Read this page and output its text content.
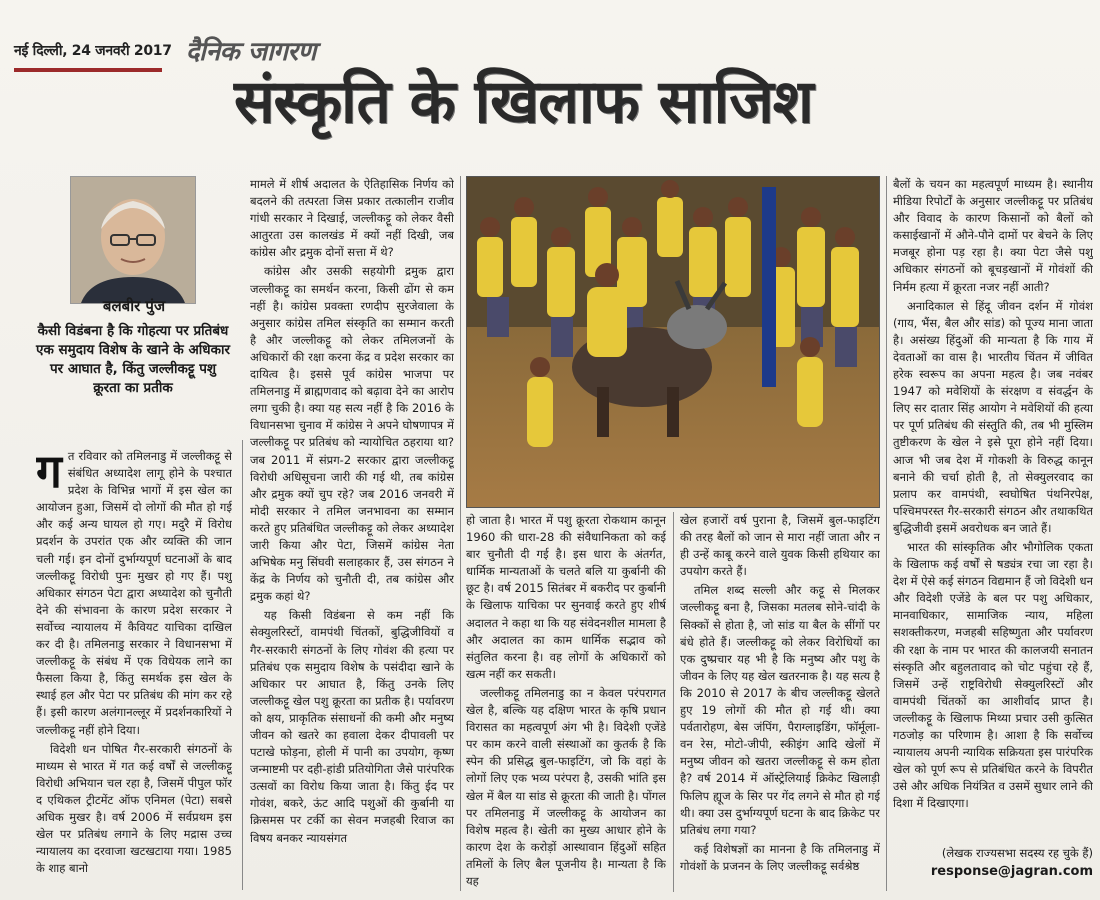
नई दिल्ली, 24 जनवरी 2017 दैनिक जागरण
संस्कृति के खिलाफ साजिश
बलबीर पुंज
कैसी विडंबना है कि गोहत्या पर प्रतिबंध एक समुदाय विशेष के खाने के अधिकार पर आघात है, किंतु जल्लीकट्टू पशु क्रूरता का प्रतीक
ग त रविवार को तमिलनाडु में जल्लीकट्टू से संबंधित अध्यादेश लागू होने के पश्चात प्रदेश के विभिन्न भागों में इस खेल का आयोजन हुआ, जिसमें दो लोगों की मौत हो गई और कई अन्य घायल हो गए। मदुरै में विरोध प्रदर्शन के उपरांत एक और व्यक्ति की जान चली गई। इन दोनों दुर्भाग्यपूर्ण घटनाओं के बाद जल्लीकट्टू विरोधी पुनः मुखर हो गए हैं। पशु अधिकार संगठन पेटा द्वारा अध्यादेश को चुनौती देने की संभावना के कारण प्रदेश सरकार ने सर्वोच्च न्यायालय में कैवियट याचिका दाखिल कर दी है। तमिलनाडु सरकार ने विधानसभा में जल्लीकट्टू के संबंध में एक विधेयक लाने का फैसला किया है, किंतु समर्थक इस खेल के स्थाई हल और पेटा पर प्रतिबंध की मांग कर रहे हैं। इसी कारण अलंगानल्लूर में प्रदर्शनकारियों ने जल्लीकट्टू नहीं होने दिया।

विदेशी धन पोषित गैर-सरकारी संगठनों के माध्यम से भारत में गत कई वर्षों से जल्लीकट्टू विरोधी अभियान चल रहा है, जिसमें पीपुल फॉर द एथिकल ट्रीटमेंट ऑफ एनिमल (पेटा) सबसे अधिक मुखर है। वर्ष 2006 में सर्वप्रथम इस खेल पर प्रतिबंध लगाने के लिए मद्रास उच्च न्यायालय का दरवाजा खटखटाया गया। 1985 के शाह बानो

मामले में शीर्ष अदालत के ऐतिहासिक निर्णय को बदलने की तत्परता जिस प्रकार तत्कालीन राजीव गांधी सरकार ने दिखाई, जल्लीकट्टू को लेकर वैसी आतुरता उस कालखंड में क्यों नहीं दिखी, जब कांग्रेस और द्रमुक दोनों सत्ता में थे?

कांग्रेस और उसकी सहयोगी द्रमुक द्वारा जल्लीकट्टू का समर्थन करना, किसी ढोंग से कम नहीं है। कांग्रेस प्रवक्ता रणदीप सुरजेवाला के अनुसार कांग्रेस तमिल संस्कृति का सम्मान करती है और जल्लीकट्टू को लेकर तमिलजनों के अधिकारों की रक्षा करना केंद्र व प्रदेश सरकार का दायित्व है। इससे पूर्व कांग्रेस भाजपा पर तमिलनाडु में ब्राह्मणवाद को बढ़ावा देने का आरोप लगा चुकी है। क्या यह सत्य नहीं है कि 2016 के विधानसभा चुनाव में कांग्रेस ने अपने घोषणापत्र में जल्लीकट्टू पर प्रतिबंध को न्यायोचित ठहराया था? जब 2011 में संप्रग-2 सरकार द्वारा जल्लीकट्टू विरोधी अधिसूचना जारी की गई थी, तब कांग्रेस और द्रमुक क्यों चुप रहे? जब 2016 जनवरी में मोदी सरकार ने तमिल जनभावना का सम्मान करते हुए प्रतिबंधित जल्लीकट्टू को लेकर अध्यादेश जारी किया और पेटा, जिसमें कांग्रेस नेता अभिषेक मनु सिंघवी सलाहकार हैं, उस संगठन ने केंद्र के निर्णय को चुनौती दी, तब कांग्रेस और द्रमुक कहां थे?

यह किसी विडंबना से कम नहीं कि सेक्युलरिस्टों, वामपंथी चिंतकों, बुद्धिजीवियों व गैर-सरकारी संगठनों के लिए गोवंश की हत्या पर प्रतिबंध एक समुदाय विशेष के पसंदीदा खाने के अधिकार पर आघात है, किंतु उनके लिए जल्लीकट्टू खेल पशु क्रूरता का प्रतीक है। पर्यावरण को क्षय, प्राकृतिक संसाधनों की कमी और मनुष्य जीवन को खतरे का हवाला देकर दीपावली पर पटाखे फोड़ना, होली में पानी का उपयोग, कृष्ण जन्माष्टमी पर दही-हांडी प्रतियोगिता जैसे पारंपरिक उत्सवों का विरोध किया जाता है। किंतु ईद पर गोवंश, बकरे, ऊंट आदि पशुओं की कुर्बानी या क्रिसमस पर टर्की का सेवन मजहबी रिवाज का विषय बनकर न्यायसंगत

हो जाता है। भारत में पशु क्रूरता रोकथाम कानून 1960 की धारा-28 की संवैधानिकता को कई बार चुनौती दी गई है। इस धारा के अंतर्गत, धार्मिक मान्यताओं के चलते बलि या कुर्बानी की छूट है। वर्ष 2015 सितंबर में बकरीद पर कुर्बानी के खिलाफ याचिका पर सुनवाई करते हुए शीर्ष अदालत ने कहा था कि यह संवेदनशील मामला है और अदालत का काम धार्मिक सद्भाव को संतुलित करना है। वह लोगों के अधिकारों को खत्म नहीं कर सकती।

जल्लीकट्टू तमिलनाडु का न केवल परंपरागत खेल है, बल्कि यह दक्षिण भारत के कृषि प्रधान विरासत का महत्वपूर्ण अंग भी है। विदेशी एजेंडे पर काम करने वाली संस्थाओं का कुतर्क है कि स्पेन की प्रसिद्ध बुल-फाइटिंग, जो कि वहां के लोगों लिए एक भव्य परंपरा है, उसकी भांति इस खेल में बैल या सांड से क्रूरता की जाती है। पोंगल पर तमिलनाडु में जल्लीकट्टू के आयोजन का विशेष महत्व है। खेती का मुख्य आधार होने के कारण देश के करोड़ों आस्थावान हिंदुओं सहित तमिलों के लिए बैल पूजनीय है। मान्यता है कि यह

खेल हजारों वर्ष पुराना है, जिसमें बुल-फाइटिंग की तरह बैलों को जान से मारा नहीं जाता और न ही उन्हें काबू करने वाले युवक किसी हथियार का उपयोग करते हैं।

तमिल शब्द सल्ली और कट्टू से मिलकर जल्लीकट्टू बना है, जिसका मतलब सोने-चांदी के सिक्कों से होता है, जो सांड या बैल के सींगों पर बंधे होते हैं। जल्लीकट्टू को लेकर विरोधियों का एक दुष्प्रचार यह भी है कि मनुष्य और पशु के जीवन के लिए यह खेल खतरनाक है। यह सत्य है कि 2010 से 2017 के बीच जल्लीकट्टू खेलते हुए 19 लोगों की मौत हो गई थी। क्या पर्वतारोहण, बेस जंपिंग, पैराग्लाइडिंग, फॉर्मूला-वन रेस, मोटो-जीपी, स्कीइंग आदि खेलों में मनुष्य जीवन को खतरा जल्लीकट्टू से कम होता है? वर्ष 2014 में ऑस्ट्रेलियाई क्रिकेट खिलाड़ी फिलिप ह्यूज के सिर पर गेंद लगने से मौत हो गई थी। क्या उस दुर्भाग्यपूर्ण घटना के बाद क्रिकेट पर प्रतिबंध लगा गया?

कई विशेषज्ञों का मानना है कि तमिलनाडु में गोवंशों के प्रजनन के लिए जल्लीकट्टू सर्वश्रेष्ठ

बैलों के चयन का महत्वपूर्ण माध्यम है। स्थानीय मीडिया रिपोर्टों के अनुसार जल्लीकट्टू पर प्रतिबंध और विवाद के कारण किसानों को बैलों को कसाईखानों में औने-पौने दामों पर बेचने के लिए मजबूर होना पड़ रहा है। क्या पेटा जैसे पशु अधिकार संगठनों को बूचड़खानों में गोवंशों की निर्मम हत्या में क्रूरता नजर नहीं आती?

अनादिकाल से हिंदू जीवन दर्शन में गोवंश (गाय, भैंस, बैल और सांड) को पूज्य माना जाता है। असंख्य हिंदुओं की मान्यता है कि गाय में देवताओं का वास है। भारतीय चिंतन में जीवित हरेक स्वरूप का अपना महत्व है। जब नवंबर 1947 को मवेशियों के संरक्षण व संवर्द्धन के लिए सर दातार सिंह आयोग ने मवेशियों की हत्या पर पूर्ण प्रतिबंध की संस्तुति की, तब भी मुस्लिम तुष्टीकरण के खेल ने इसे पूरा होने नहीं दिया। आज भी जब देश में गोकशी के विरुद्ध कानून बनाने की चर्चा होती है, तो सेक्युलरवाद का प्रलाप कर वामपंथी, स्वघोषित पंथनिरपेक्ष, पश्चिमपरस्त गैर-सरकारी संगठन और तथाकथित बुद्धिजीवी इसमें अवरोधक बन जाते हैं।

भारत की सांस्कृतिक और भौगोलिक एकता के खिलाफ कई वर्षों से षड्यंत्र रचा जा रहा है। देश में ऐसे कई संगठन विद्यमान हैं जो विदेशी धन और विदेशी एजेंडे के बल पर पशु अधिकार, मानवाधिकार, सामाजिक न्याय, महिला सशक्तीकरण, मजहबी सहिष्णुता और पर्यावरण की रक्षा के नाम पर भारत की कालजयी सनातन संस्कृति और बहुलतावाद को चोट पहुंचा रहे हैं, जिसमें उन्हें राष्ट्रविरोधी सेक्युलरिस्टों और वामपंथी चिंतकों का आशीर्वाद प्राप्त है। जल्लीकट्टू के खिलाफ मिथ्या प्रचार उसी कुत्सित गठजोड़ का परिणाम है। आशा है कि सर्वोच्च न्यायालय अपनी न्यायिक सक्रियता इस पारंपरिक खेल को पूर्ण रूप से प्रतिबंधित करने के विपरीत उसे और अधिक नियंत्रित व उसमें सुधार लाने की दिशा में दिखाएगा।

(लेखक राज्यसभा सदस्य रह चुके हैं)
response@jagran.com
